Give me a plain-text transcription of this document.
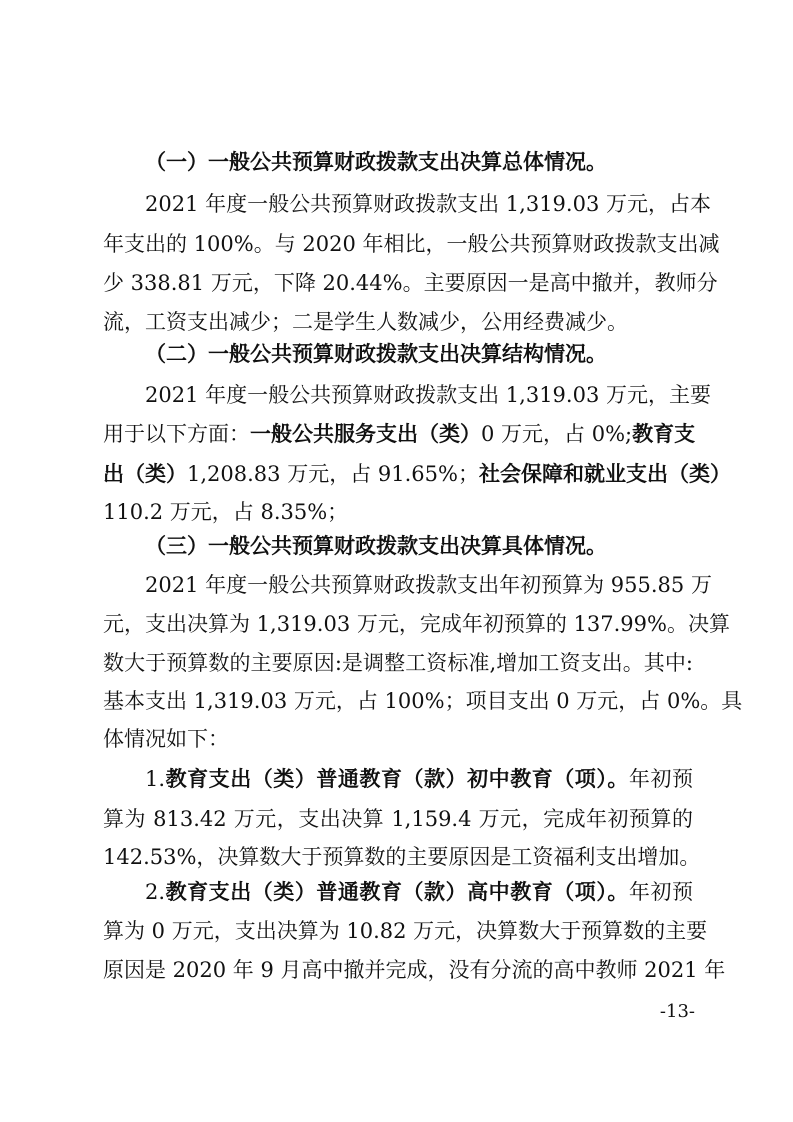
（一）一般公共预算财政拨款支出决算总体情况。
2021 年度一般公共预算财政拨款支出 1,319.03 万元，占本
年支出的 100%。与 2020 年相比，一般公共预算财政拨款支出减
少 338.81 万元，下降 20.44%。主要原因一是高中撤并，教师分
流，工资支出减少；二是学生人数减少，公用经费减少。
（二）一般公共预算财政拨款支出决算结构情况。
2021 年度一般公共预算财政拨款支出 1,319.03 万元，主要
用于以下方面：一般公共服务支出（类）0 万元，占 0%;教育支
出（类）1,208.83 万元，占 91.65%；社会保障和就业支出（类）
110.2 万元，占 8.35%；
（三）一般公共预算财政拨款支出决算具体情况。
2021 年度一般公共预算财政拨款支出年初预算为 955.85 万
元，支出决算为 1,319.03 万元，完成年初预算的 137.99%。决算
数大于预算数的主要原因:是调整工资标准,增加工资支出。其中:
基本支出 1,319.03 万元，占 100%；项目支出 0 万元，占 0%。具
体情况如下：
1.教育支出（类）普通教育（款）初中教育（项）。年初预
算为 813.42 万元，支出决算 1,159.4 万元，完成年初预算的
142.53%，决算数大于预算数的主要原因是工资福利支出增加。
2.教育支出（类）普通教育（款）高中教育（项）。年初预
算为 0 万元，支出决算为 10.82 万元，决算数大于预算数的主要
原因是 2020 年 9 月高中撤并完成，没有分流的高中教师 2021 年
-13-
